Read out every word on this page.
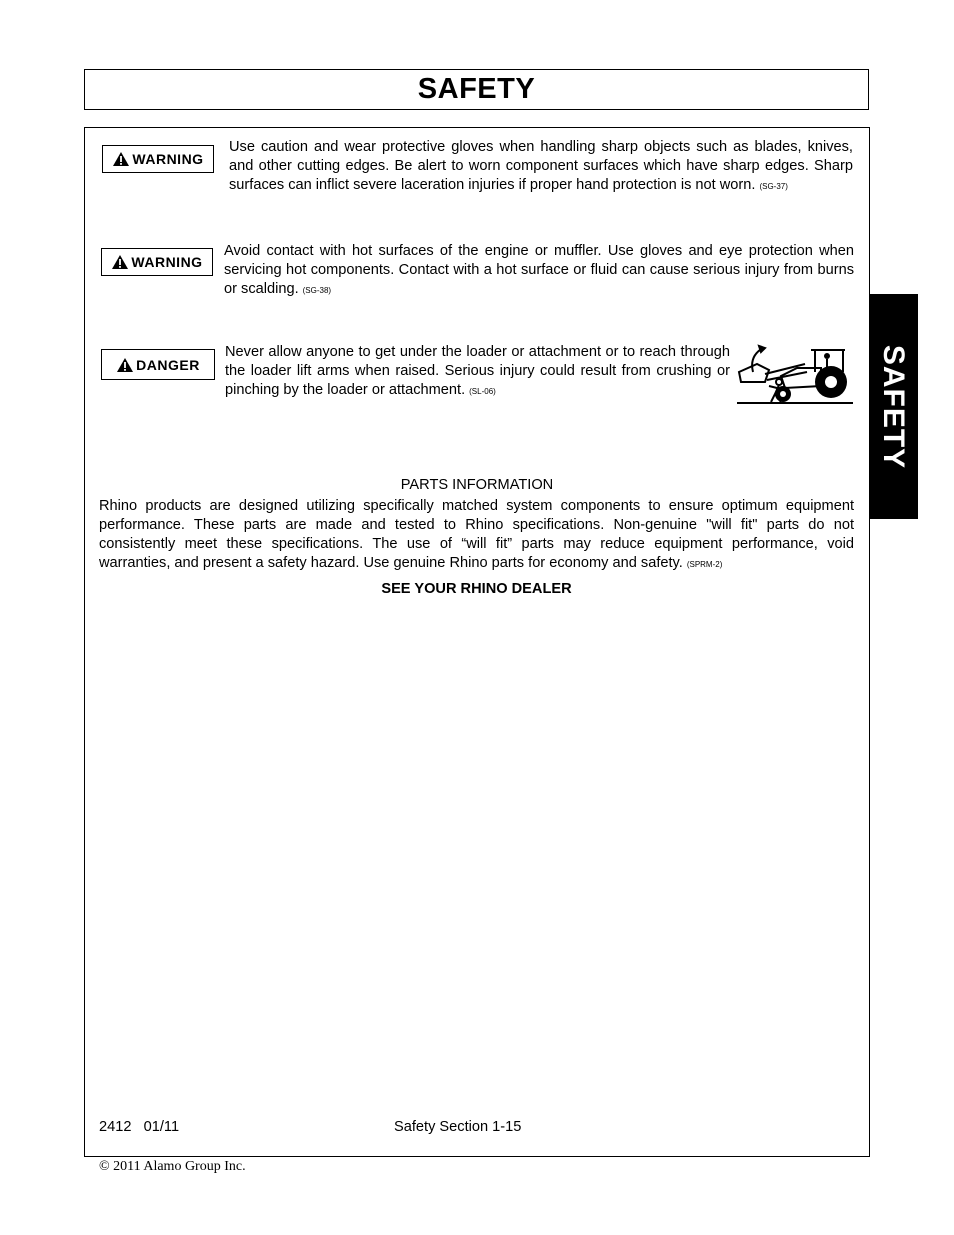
SAFETY
SAFETY
WARNING
Use caution and wear protective gloves when handling sharp objects such as blades, knives, and other cutting edges. Be alert to worn component surfaces which have sharp edges. Sharp surfaces can inflict severe laceration injuries if proper hand protection is not worn. (SG-37)
WARNING
Avoid contact with hot surfaces of the engine or muffler. Use gloves and eye protection when servicing hot components. Contact with a hot surface or fluid can cause serious injury from burns or scalding. (SG-38)
DANGER
Never allow anyone to get under the loader or attachment or to reach through the loader lift arms when raised. Serious injury could result from crushing or pinching by the loader or attachment. (SL-06)
PARTS INFORMATION
Rhino products are designed utilizing specifically matched system components to ensure optimum equipment performance. These parts are made and tested to Rhino specifications. Non-genuine "will fit" parts do not consistently meet these specifications. The use of “will fit” parts may reduce equipment performance, void warranties, and present a safety hazard. Use genuine Rhino parts for economy and safety. (SPRM-2)
SEE YOUR RHINO DEALER
2412   01/11	Safety Section 1-15
© 2011 Alamo Group Inc.
